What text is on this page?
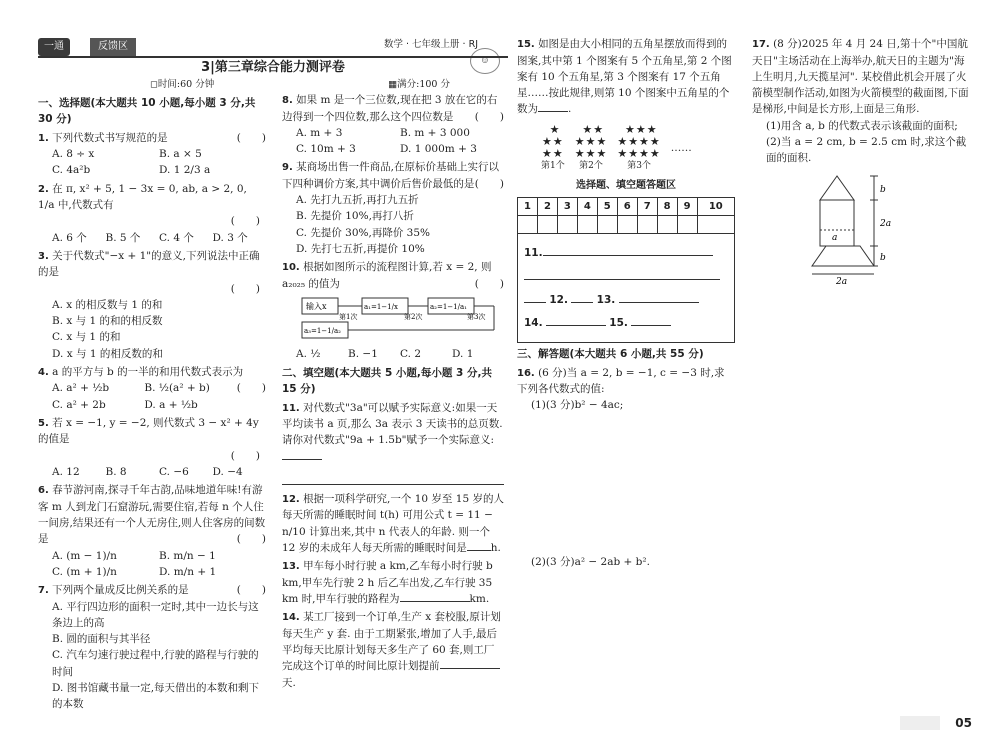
一通	反馈区	数学 · 七年级上册 · RJ
☺
3|第三章综合能力测评卷
◻时间:60 分钟	▦满分:100 分
一、选择题(本大题共 10 小题,每小题 3 分,共 30 分)
1. 下列代数式书写规范的是	(　　)
A. 8 ÷ x	B. a × 5
C. 4a²b	D. 1 2/3 a
2. 在 π, x² + 5, 1 − 3x = 0, ab, a > 2, 0, 1/a 中,代数式有
(　　)
A. 6 个	B. 5 个	C. 4 个	D. 3 个
3. 关于代数式"−x + 1"的意义,下列说法中正确的是
(　　)
A. x 的相反数与 1 的和
B. x 与 1 的和的相反数
C. x 与 1 的和
D. x 与 1 的相反数的和
4. a 的平方与 b 的一半的和用代数式表示为
(　　)
A. a² + ½b	B. ½(a² + b)
C. a² + 2b	D. a + ½b
5. 若 x = −1, y = −2, 则代数式 3 − x² + 4y 的值是
(　　)
A. 12	B. 8	C. −6	D. −4
6. 春节游河南,探寻千年古韵,品味地道年味!有游客 m 人到龙门石窟游玩,需要住宿,若每 n 个人住一间房,结果还有一个人无房住,则人住客房的间数是	(　　)
A. (m − 1)/n	B. m/n − 1
C. (m + 1)/n	D. m/n + 1
7. 下列两个量成反比例关系的是	(　　)
A. 平行四边形的面积一定时,其中一边长与这条边上的高
B. 圆的面积与其半径
C. 汽车匀速行驶过程中,行驶的路程与行驶的时间
D. 图书馆藏书量一定,每天借出的本数和剩下的本数
8. 如果 m 是一个三位数,现在把 3 放在它的右边得到一个四位数,那么这个四位数是 (　　)
A. m + 3	B. m + 3 000
C. 10m + 3	D. 1 000m + 3
9. 某商场出售一件商品,在原标价基础上实行以下四种调价方案,其中调价后售价最低的是 (　　)
A. 先打九五折,再打九五折
B. 先提价 10%,再打八折
C. 先提价 30%,再降价 35%
D. 先打七五折,再提价 10%
10. 根据如图所示的流程图计算,若 x = 2, 则 a₂₀₂₅ 的值为	(　　)
输入x
第1次
a₁=1−1/x
第2次
a₂=1−1/a₁
第3次
a₃=1−1/a₂
A. ½	B. −1	C. 2	D. 1
二、填空题(本大题共 5 小题,每小题 3 分,共 15 分)
11. 对代数式"3a"可以赋予实际意义:如果一天平均读书 a 页,那么 3a 表示 3 天读书的总页数. 请你对代数式"9a + 1.5b"赋予一个实际意义:
12. 根据一项科学研究,一个 10 岁至 15 岁的人每天所需的睡眠时间 t(h) 可用公式 t = 11 − n/10 计算出来,其中 n 代表人的年龄. 则一个 12 岁的未成年人每天所需的睡眠时间是 h.
13. 甲车每小时行驶 a km,乙车每小时行驶 b km,甲车先行驶 2 h 后乙车出发,乙车行驶 35 km 时,甲车行驶的路程为	km.
14. 某工厂接到一个订单,生产 x 套校服,原计划每天生产 y 套. 由于工期紧张,增加了人手,最后平均每天比原计划每天多生产了 60 套,则工厂完成这个订单的时间比原计划提前天.
15. 如图是由大小相同的五角星摆放而得到的图案,其中第 1 个图案有 5 个五角星,第 2 个图案有 10 个五角星,第 3 个图案有 17 个五角星……按此规律,则第 10 个图案中五角星的个数为	.
★
★★
★★
第1个
★★
★★★
★★★
第2个
★★★
★★★★
★★★★
第3个
……
选择题、填空题答题区
1	2	3	4	5	6	7	8	9	10

11.
12.	13.
14.	15.
三、解答题(本大题共 6 小题,共 55 分)
16. (6 分)当 a = 2, b = −1, c = −3 时,求下列各代数式的值:
(1)(3 分)b² − 4ac;
(2)(3 分)a² − 2ab + b².
17. (8 分)2025 年 4 月 24 日,第十个"中国航天日"主场活动在上海举办,航天日的主题为"海上生明月,九天揽星河". 某校借此机会开展了火箭模型制作活动,如图为火箭模型的截面图,下面是梯形,中间是长方形,上面是三角形.
(1)用含 a, b 的代数式表示该截面的面积;
(2)当 a = 2 cm, b = 2.5 cm 时,求这个截面的面积.
b
2a
a
b
2a
05
